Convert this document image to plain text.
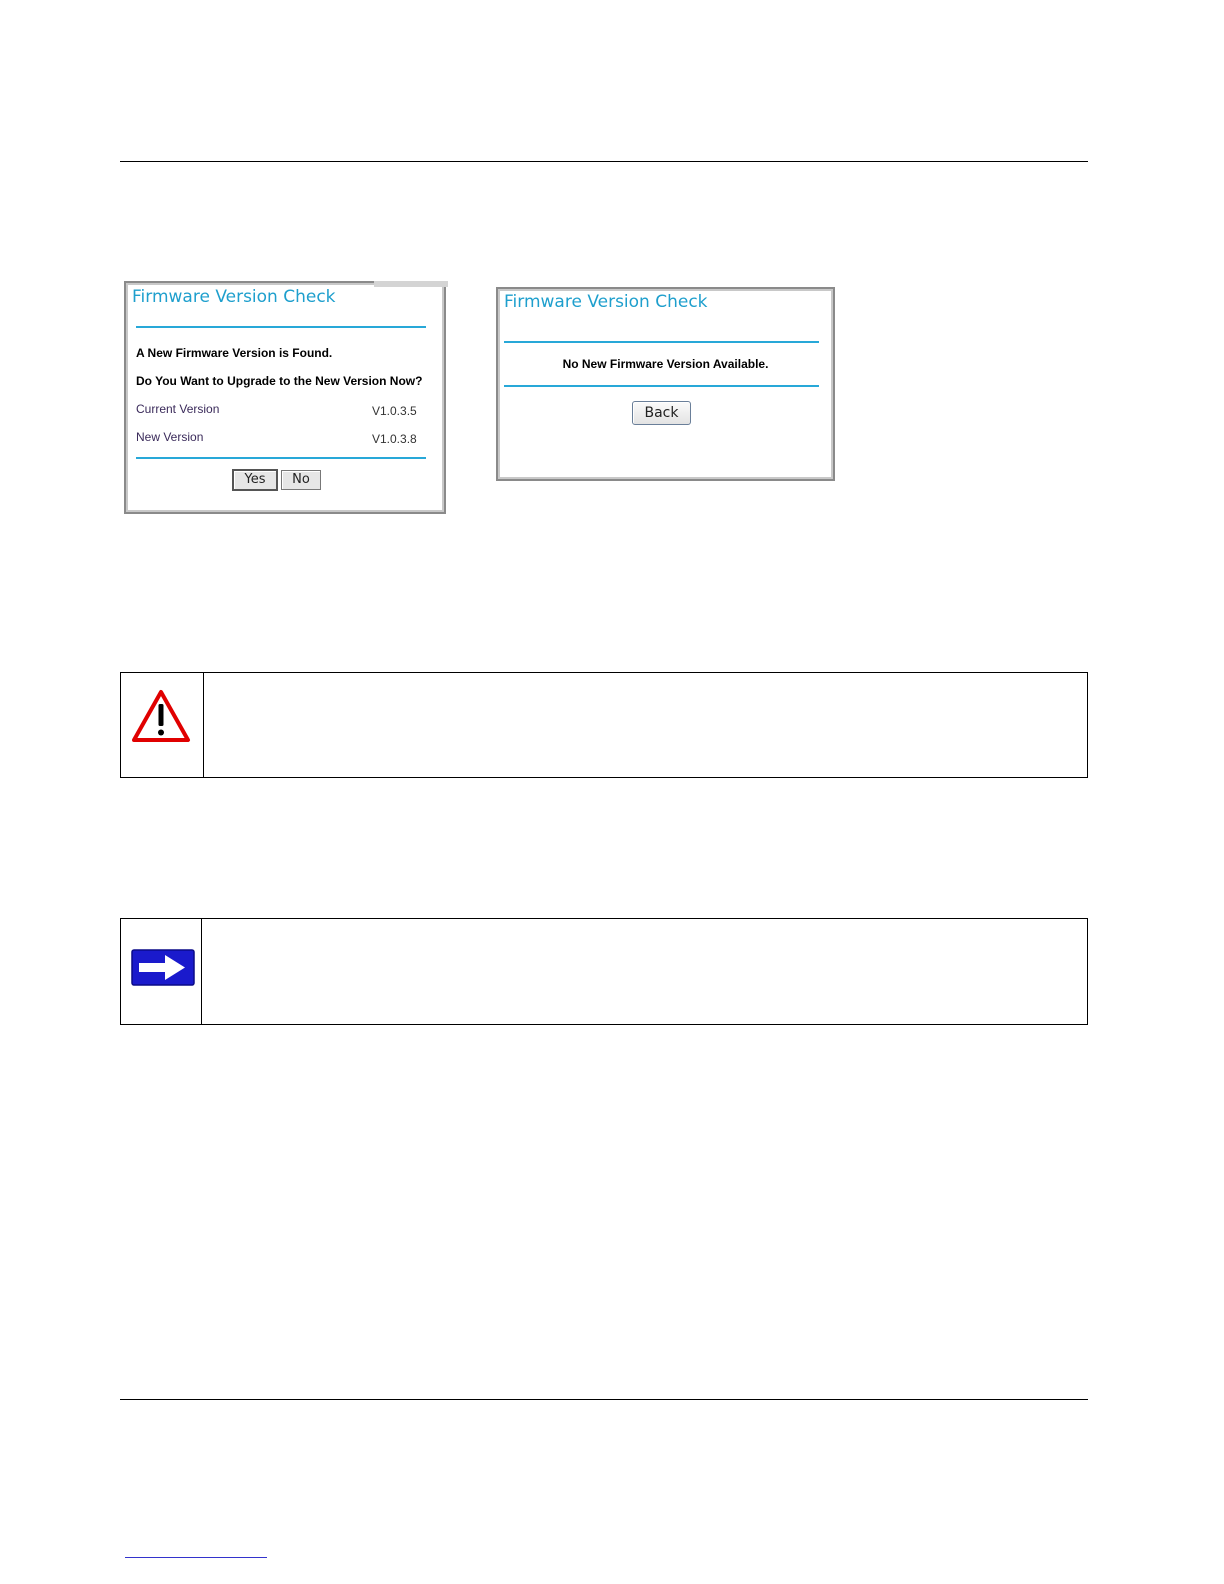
Firmware Version Check
A New Firmware Version is Found.
Do You Want to Upgrade to the New Version Now?
Current Version	V1.0.3.5
New Version	V1.0.3.8
Yes	No
Firmware Version Check
No New Firmware Version Available.
Back
